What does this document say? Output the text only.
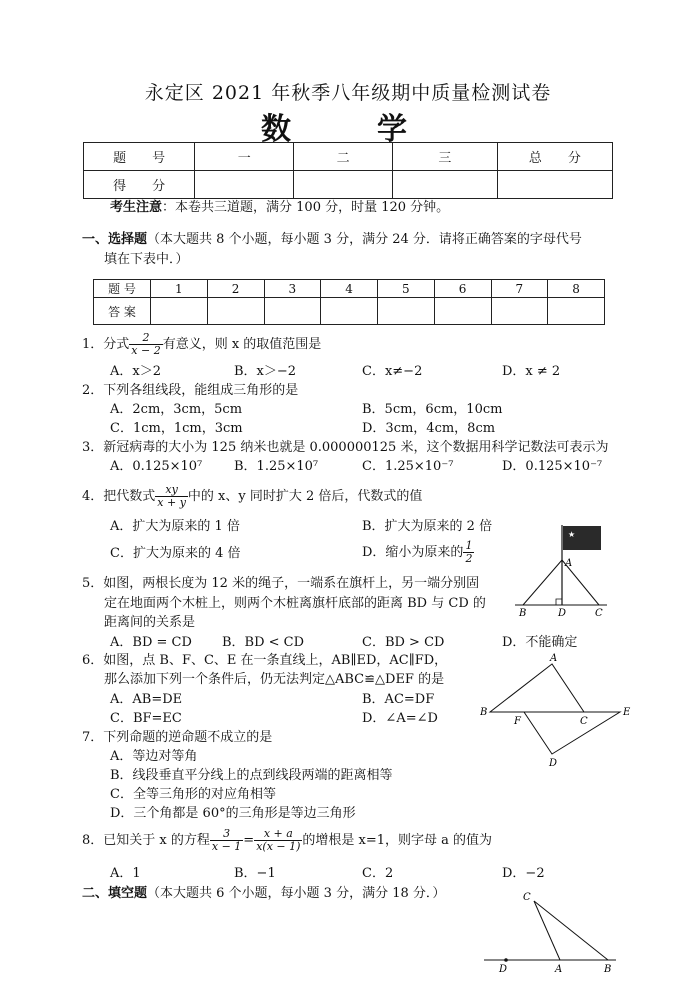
永定区 2021 年秋季八年级期中质量检测试卷
数　学
题　　号	一	二	三	总　　分
得　　分				
考生注意：本卷共三道题，满分 100 分，时量 120 分钟。
一、选择题（本大题共 8 个小题，每小题 3 分，满分 24 分．请将正确答案的字母代号
填在下表中．）
题 号	1	2	3	4	5	6	7	8
答 案								
1．分式 $\frac{2}{x - 2}$ 有意义，则 x 的取值范围是
A．x＞2	B．x＞−2	C．x≠−2	D．x ≠ 2
2．下列各组线段，能组成三角形的是
A．2cm，3cm，5cm	B．5cm，6cm，10cm
C．1cm，1cm，3cm	D．3cm，4cm，8cm
3．新冠病毒的大小为 125 纳米也就是 0.000000125 米，这个数据用科学记数法可表示为
A．0.125×10⁷ B．1.25×10⁷	C．1.25×10⁻⁷	D．0.125×10⁻⁷
4．把代数式 $\frac{xy}{x + y}$ 中的 x、y 同时扩大 2 倍后，代数式的值
A．扩大为原来的 1 倍	B．扩大为原来的 2 倍
C．扩大为原来的 4 倍	D．缩小为原来的 $\frac{1}{2}$
5．如图，两根长度为 12 米的绳子，一端系在旗杆上，另一端分别固
定在地面两个木桩上，则两个木桩离旗杆底部的距离 BD 与 CD 的
距离间的关系是
A．BD = CD B．BD < CD	C．BD > CD	D．不能确定
6．如图，点 B、F、C、E 在一条直线上，AB∥ED，AC∥FD，
那么添加下列一个条件后，仍无法判定△ABC≌△DEF 的是
A．AB=DE	B．AC=DF
C．BF=EC	D．∠A=∠D
7．下列命题的逆命题不成立的是
A．等边对等角
B．线段垂直平分线上的点到线段两端的距离相等
C．全等三角形的对应角相等
D．三个角都是 60°的三角形是等边三角形
8．已知关于 x 的方程 $\frac{3}{x - 1} = \frac{x + a}{x(x - 1)}$ 的增根是 x=1，则字母 a 的值为
A．1	B．−1	C．2	D．−2
二、填空题（本大题共 6 个小题，每小题 3 分，满分 18 分．）
★
A
B	D	C
A
B
F	C
E
D
C
D	A	B
